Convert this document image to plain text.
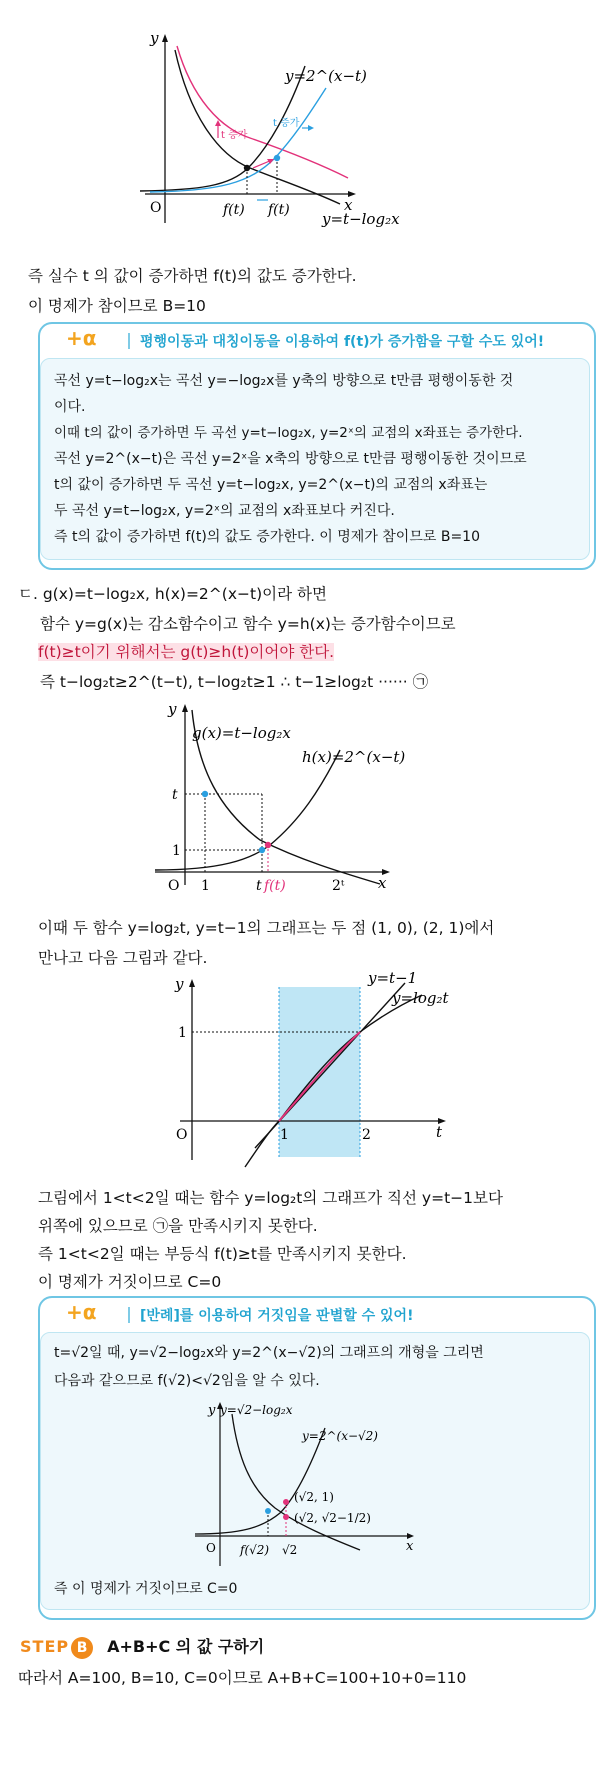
y
x
O
t 증가
t 증가
f(t) f(t)
y=2^(x−t)
y=t−log₂x
즉 실수 t 의 값이 증가하면 f(t)의 값도 증가한다.
이 명제가 참이므로 B=10
+α	평행이동과 대칭이동을 이용하여 f(t)가 증가함을 구할 수도 있어!
곡선 y=t−log₂x는 곡선 y=−log₂x를 y축의 방향으로 t만큼 평행이동한 것
이다.
이때 t의 값이 증가하면 두 곡선 y=t−log₂x, y=2ˣ의 교점의 x좌표는 증가한다.
곡선 y=2^(x−t)은 곡선 y=2ˣ을 x축의 방향으로 t만큼 평행이동한 것이므로
t의 값이 증가하면 두 곡선 y=t−log₂x, y=2^(x−t)의 교점의 x좌표는
두 곡선 y=t−log₂x, y=2ˣ의 교점의 x좌표보다 커진다.
즉 t의 값이 증가하면 f(t)의 값도 증가한다. 이 명제가 참이므로 B=10
ㄷ. g(x)=t−log₂x, h(x)=2^(x−t)이라 하면
함수 y=g(x)는 감소함수이고 함수 y=h(x)는 증가함수이므로
f(t)≥t이기 위해서는 g(t)≥h(t)이어야 한다.
즉 t−log₂t≥2^(t−t), t−log₂t≥1 ∴ t−1≥log₂t ······ ㉠
y
x
O
t
1
1	t f(t)	2ᵗ
g(x)=t−log₂x
h(x)=2^(x−t)
이때 두 함수 y=log₂t, y=t−1의 그래프는 두 점 (1, 0), (2, 1)에서
만나고 다음 그림과 같다.
y
t
O
1
1	2
y=t−1
y=log₂t
그림에서 1<t<2일 때는 함수 y=log₂t의 그래프가 직선 y=t−1보다
위쪽에 있으므로 ㉠을 만족시키지 못한다.
즉 1<t<2일 때는 부등식 f(t)≥t를 만족시키지 못한다.
이 명제가 거짓이므로 C=0
+α	[반례]를 이용하여 거짓임을 판별할 수 있어!
t=√2일 때, y=√2−log₂x와 y=2^(x−√2)의 그래프의 개형을 그리면
다음과 같으므로 f(√2)<√2임을 알 수 있다.
y
x
O
y=√2−log₂x
y=2^(x−√2)
(√2, 1)
(√2, √2−1/2)
f(√2) √2
즉 이 명제가 거짓이므로 C=0
STEP B A+B+C 의 값 구하기
따라서 A=100, B=10, C=0이므로 A+B+C=100+10+0=110
